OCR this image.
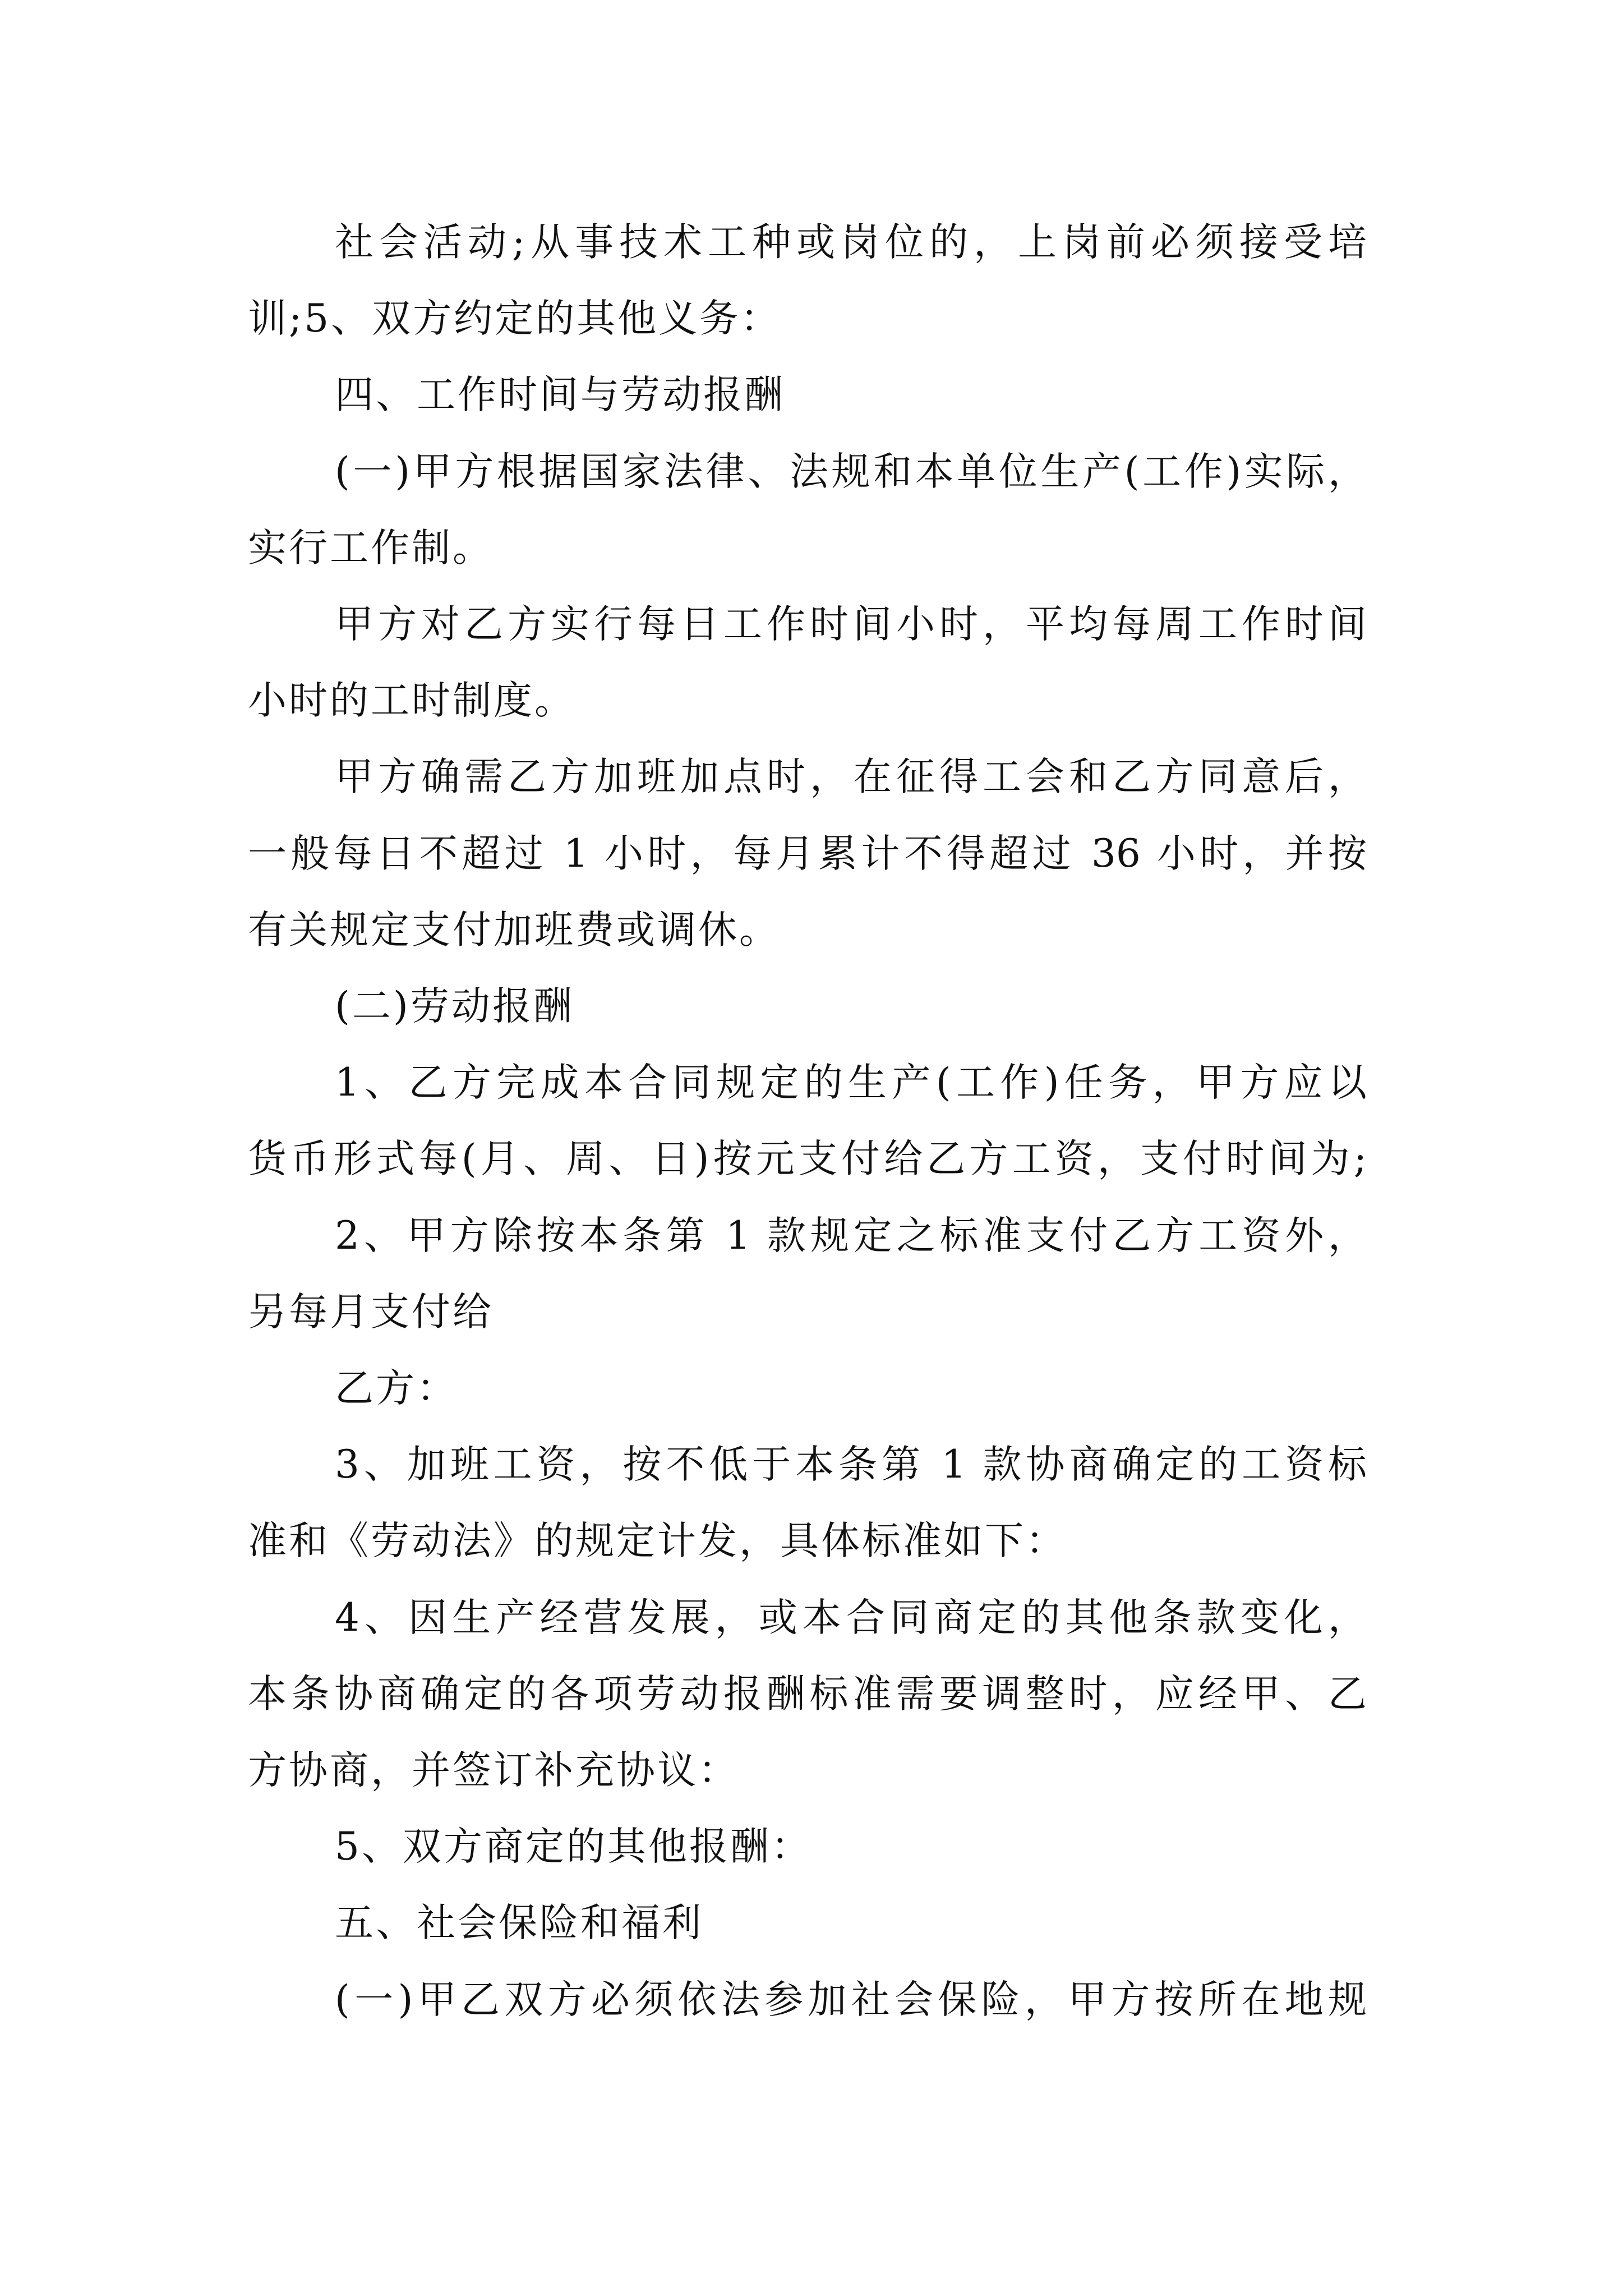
社会活动;从事技术工种或岗位的，上岗前必须接受培
训;5、双方约定的其他义务：
四、工作时间与劳动报酬
(一)甲方根据国家法律、法规和本单位生产(工作)实际，
实行工作制。
甲方对乙方实行每日工作时间小时，平均每周工作时间
小时的工时制度。
甲方确需乙方加班加点时，在征得工会和乙方同意后，
一般每日不超过 1 小时，每月累计不得超过 36 小时，并按
有关规定支付加班费或调休。
(二)劳动报酬
1、乙方完成本合同规定的生产(工作)任务，甲方应以
货币形式每(月、周、日)按元支付给乙方工资，支付时间为;
2、甲方除按本条第 1 款规定之标准支付乙方工资外，
另每月支付给
乙方：
3、加班工资，按不低于本条第 1 款协商确定的工资标
准和《劳动法》的规定计发，具体标准如下：
4、因生产经营发展，或本合同商定的其他条款变化，
本条协商确定的各项劳动报酬标准需要调整时，应经甲、乙
方协商，并签订补充协议：
5、双方商定的其他报酬：
五、社会保险和福利
(一)甲乙双方必须依法参加社会保险，甲方按所在地规
